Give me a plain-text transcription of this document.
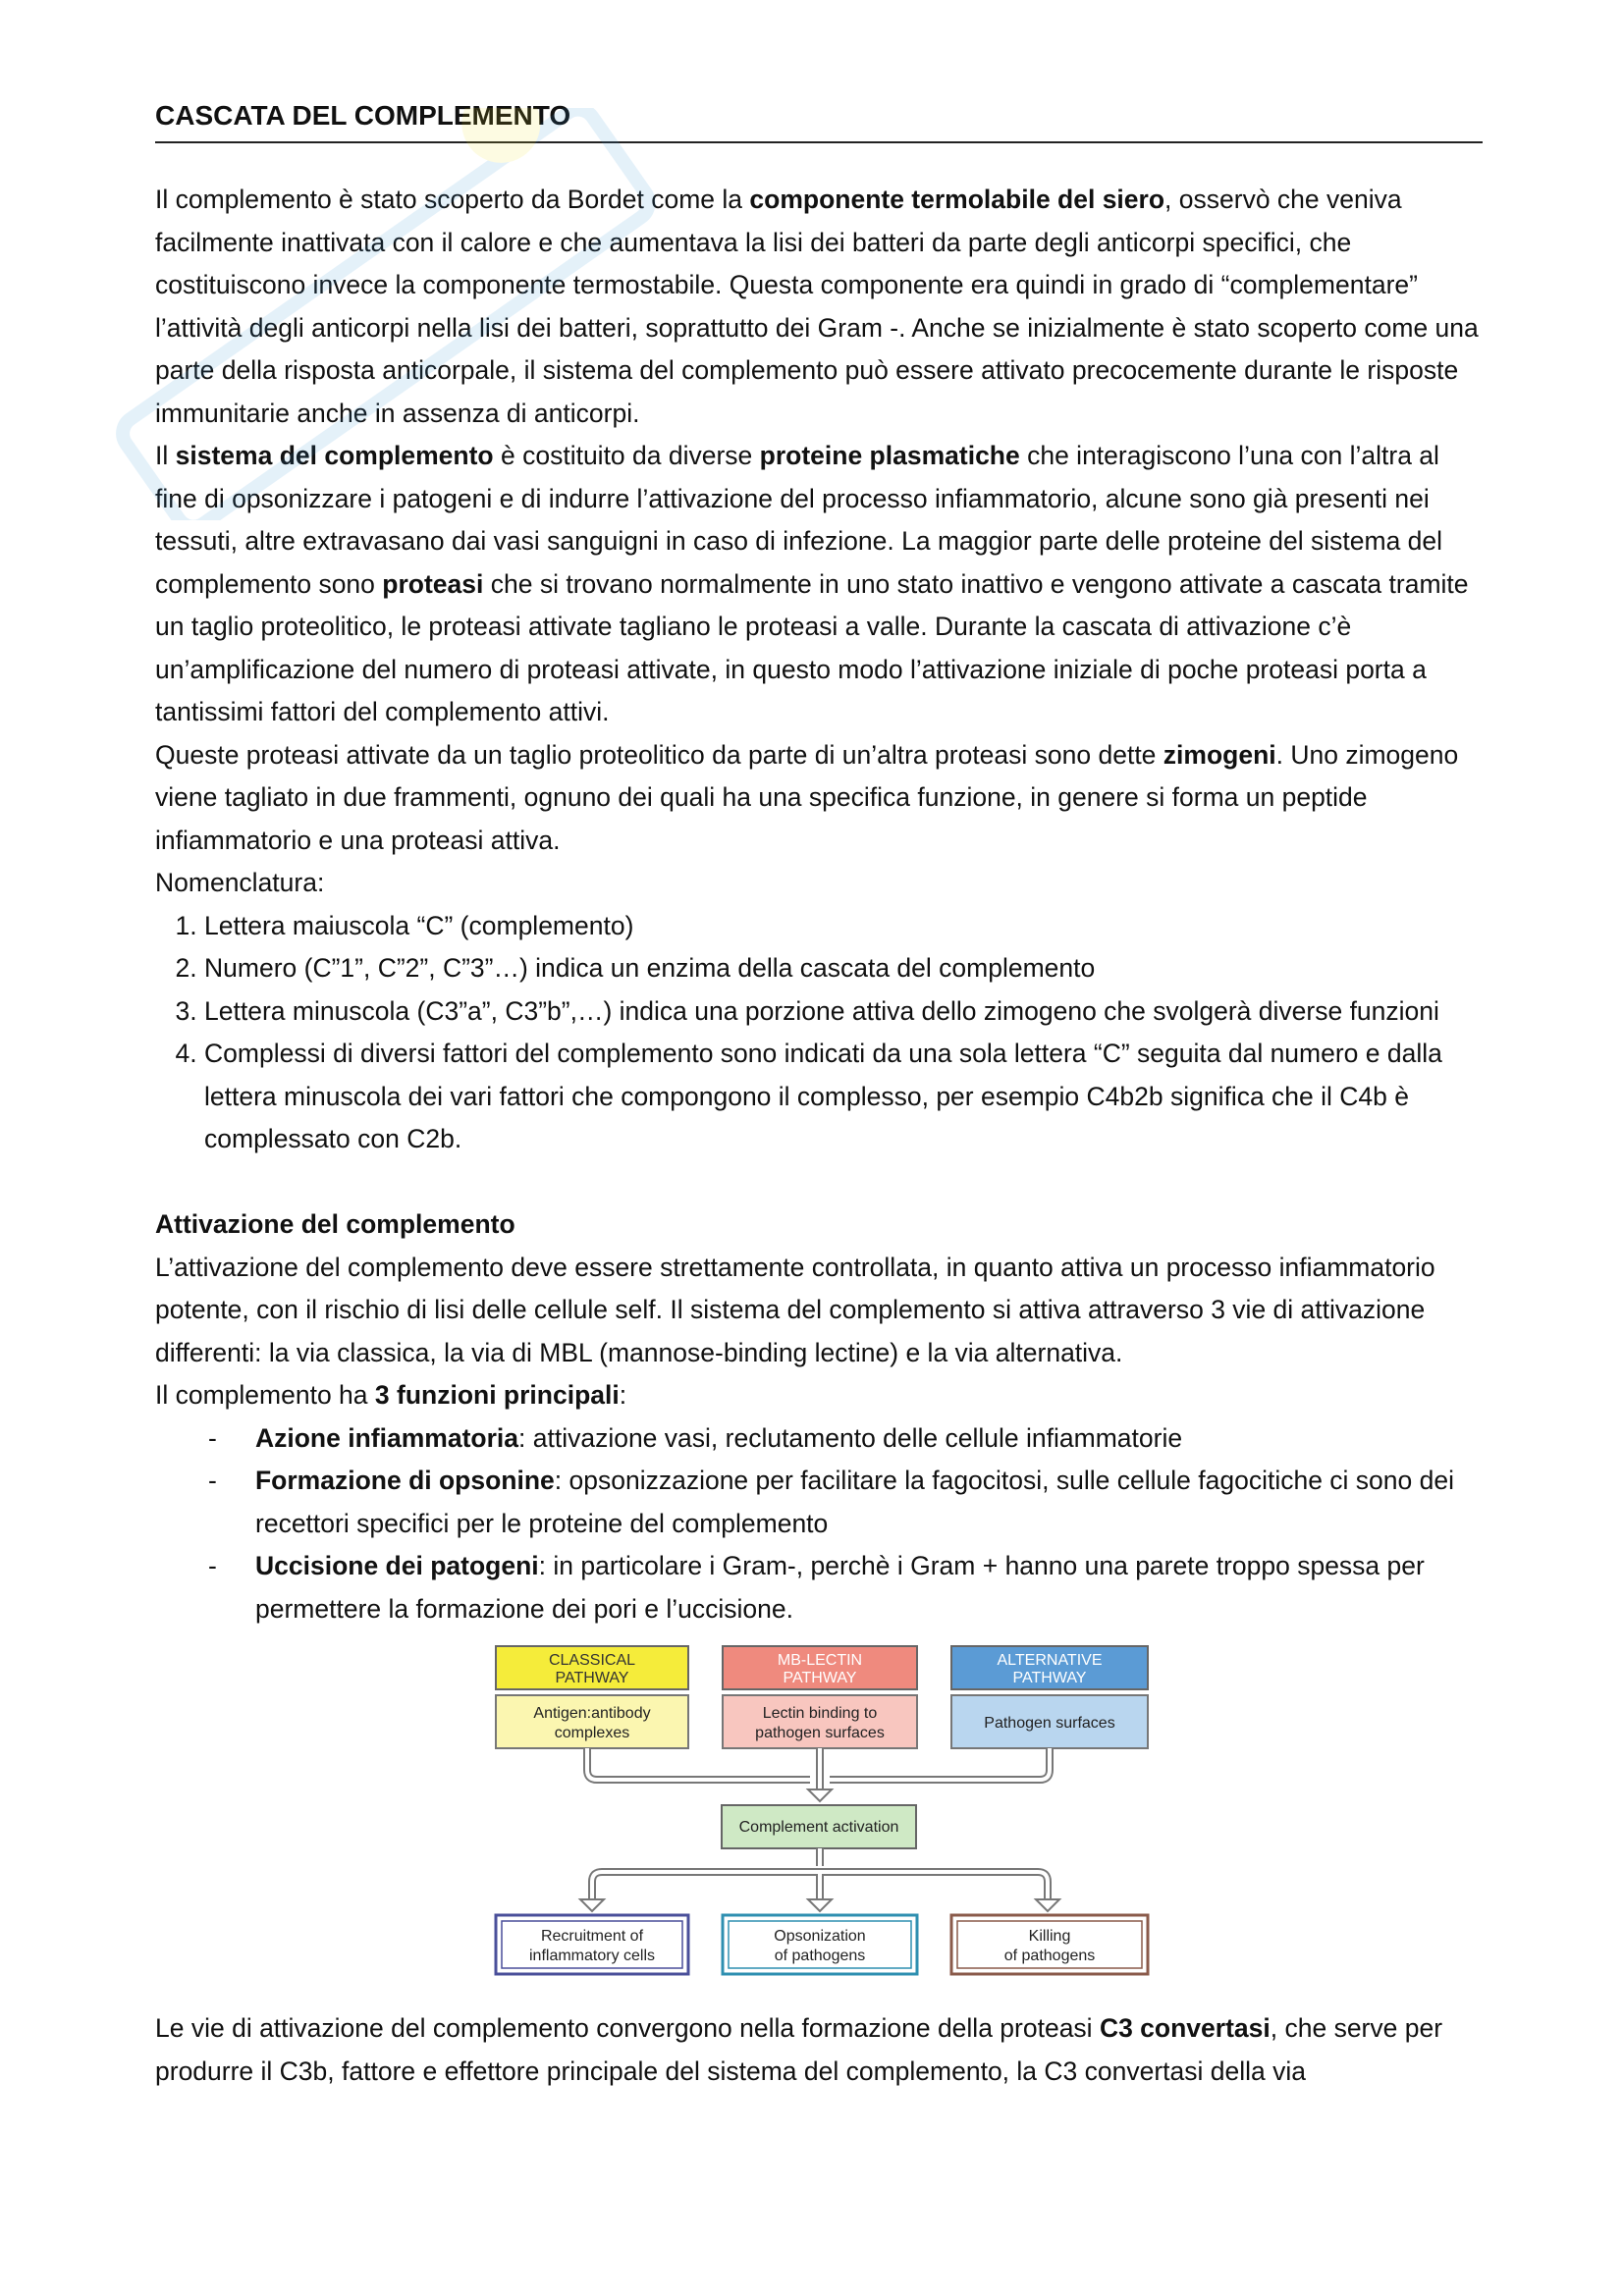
CASCATA DEL COMPLEMENTO

Il complemento è stato scoperto da Bordet come la componente termolabile del siero, osservò che veniva facilmente inattivata con il calore e che aumentava la lisi dei batteri da parte degli anticorpi specifici, che costituiscono invece la componente termostabile. Questa componente era quindi in grado di “complementare” l’attività degli anticorpi nella lisi dei batteri, soprattutto dei Gram -. Anche se inizialmente è stato scoperto come una parte della risposta anticorpale, il sistema del complemento può essere attivato precocemente durante le risposte immunitarie anche in assenza di anticorpi.

Il sistema del complemento è costituito da diverse proteine plasmatiche che interagiscono l’una con l’altra al fine di opsonizzare i patogeni e di indurre l’attivazione del processo infiammatorio, alcune sono già presenti nei tessuti, altre extravasano dai vasi sanguigni in caso di infezione. La maggior parte delle proteine del sistema del complemento sono proteasi che si trovano normalmente in uno stato inattivo e vengono attivate a cascata tramite un taglio proteolitico, le proteasi attivate tagliano le proteasi a valle. Durante la cascata di attivazione c’è un’amplificazione del numero di proteasi attivate, in questo modo l’attivazione iniziale di poche proteasi porta a tantissimi fattori del complemento attivi.

Queste proteasi attivate da un taglio proteolitico da parte di un’altra proteasi sono dette zimogeni. Uno zimogeno viene tagliato in due frammenti, ognuno dei quali ha una specifica funzione, in genere si forma un peptide infiammatorio e una proteasi attiva.

Nomenclatura:

1. Lettera maiuscola “C” (complemento)
2. Numero (C”1”, C”2”, C”3”…) indica un enzima della cascata del complemento
3. Lettera minuscola (C3”a”, C3”b”,…) indica una porzione attiva dello zimogeno che svolgerà diverse funzioni
4. Complessi di diversi fattori del complemento sono indicati da una sola lettera “C” seguita dal numero e dalla lettera minuscola dei vari fattori che compongono il complesso, per esempio C4b2b significa che il C4b è complessato con C2b.
Attivazione del complemento

L’attivazione del complemento deve essere strettamente controllata, in quanto attiva un processo infiammatorio potente, con il rischio di lisi delle cellule self. Il sistema del complemento si attiva attraverso 3 vie di attivazione differenti: la via classica, la via di MBL (mannose-binding lectine) e la via alternativa.

Il complemento ha 3 funzioni principali:

- Azione infiammatoria: attivazione vasi, reclutamento delle cellule infiammatorie
- Formazione di opsonine: opsonizzazione per facilitare la fagocitosi, sulle cellule fagocitiche ci sono dei recettori specifici per le proteine del complemento
- Uccisione dei patogeni: in particolare i Gram-, perchè i Gram + hanno una parete troppo spessa per permettere la formazione dei pori e l’uccisione.
CLASSICAL
PATHWAY
Antigen:antibody
complexes
MB-LECTIN
PATHWAY
Lectin binding to
pathogen surfaces
ALTERNATIVE
PATHWAY
Pathogen surfaces
Complement activation
Recruitment of
inflammatory cells
Opsonization
of pathogens
Killing
of pathogens

Le vie di attivazione del complemento convergono nella formazione della proteasi C3 convertasi, che serve per produrre il C3b, fattore e effettore principale del sistema del complemento, la C3 convertasi della via
